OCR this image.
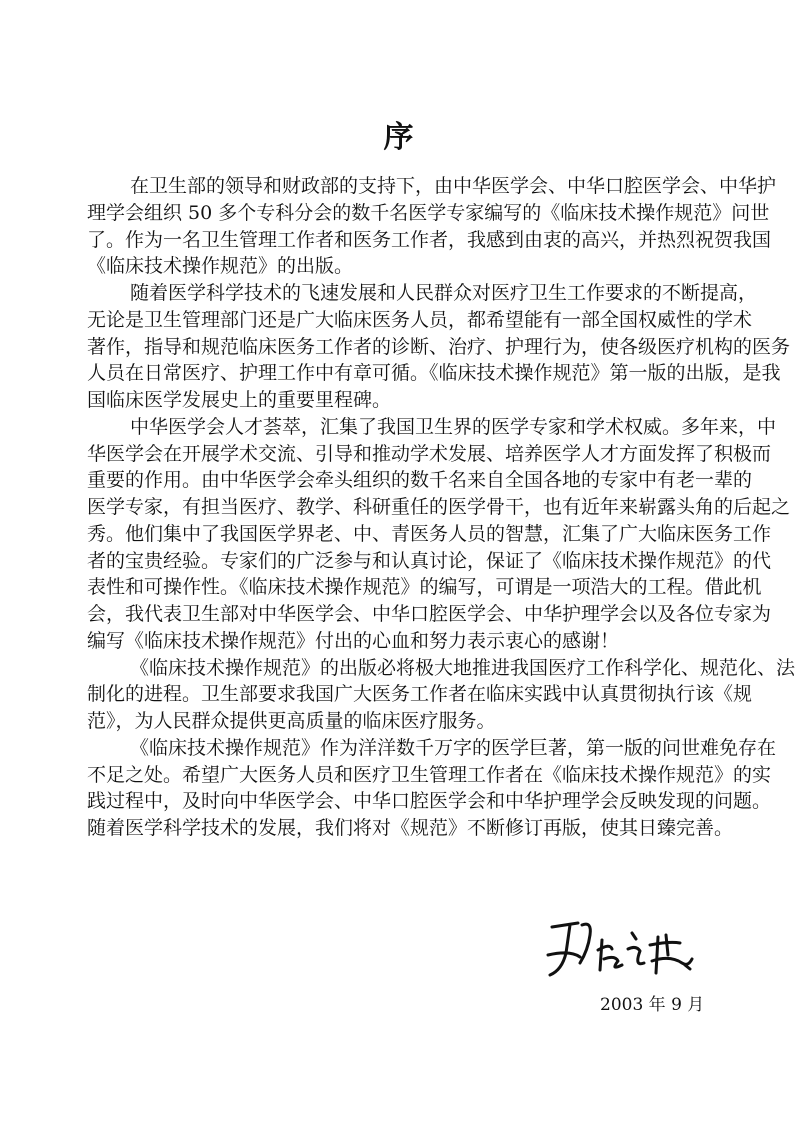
序
在卫生部的领导和财政部的支持下，由中华医学会、中华口腔医学会、中华护
理学会组织 50 多个专科分会的数千名医学专家编写的《临床技术操作规范》问世
了。作为一名卫生管理工作者和医务工作者，我感到由衷的高兴，并热烈祝贺我国
《临床技术操作规范》的出版。
随着医学科学技术的飞速发展和人民群众对医疗卫生工作要求的不断提高，
无论是卫生管理部门还是广大临床医务人员，都希望能有一部全国权威性的学术
著作，指导和规范临床医务工作者的诊断、治疗、护理行为，使各级医疗机构的医务
人员在日常医疗、护理工作中有章可循。《临床技术操作规范》第一版的出版，是我
国临床医学发展史上的重要里程碑。
中华医学会人才荟萃，汇集了我国卫生界的医学专家和学术权威。多年来，中
华医学会在开展学术交流、引导和推动学术发展、培养医学人才方面发挥了积极而
重要的作用。由中华医学会牵头组织的数千名来自全国各地的专家中有老一辈的
医学专家，有担当医疗、教学、科研重任的医学骨干，也有近年来崭露头角的后起之
秀。他们集中了我国医学界老、中、青医务人员的智慧，汇集了广大临床医务工作
者的宝贵经验。专家们的广泛参与和认真讨论，保证了《临床技术操作规范》的代
表性和可操作性。《临床技术操作规范》的编写，可谓是一项浩大的工程。借此机
会，我代表卫生部对中华医学会、中华口腔医学会、中华护理学会以及各位专家为
编写《临床技术操作规范》付出的心血和努力表示衷心的感谢！
《临床技术操作规范》的出版必将极大地推进我国医疗工作科学化、规范化、法
制化的进程。卫生部要求我国广大医务工作者在临床实践中认真贯彻执行该《规
范》，为人民群众提供更高质量的临床医疗服务。
《临床技术操作规范》作为洋洋数千万字的医学巨著，第一版的问世难免存在
不足之处。希望广大医务人员和医疗卫生管理工作者在《临床技术操作规范》的实
践过程中，及时向中华医学会、中华口腔医学会和中华护理学会反映发现的问题。
随着医学科学技术的发展，我们将对《规范》不断修订再版，使其日臻完善。
2003 年 9 月
